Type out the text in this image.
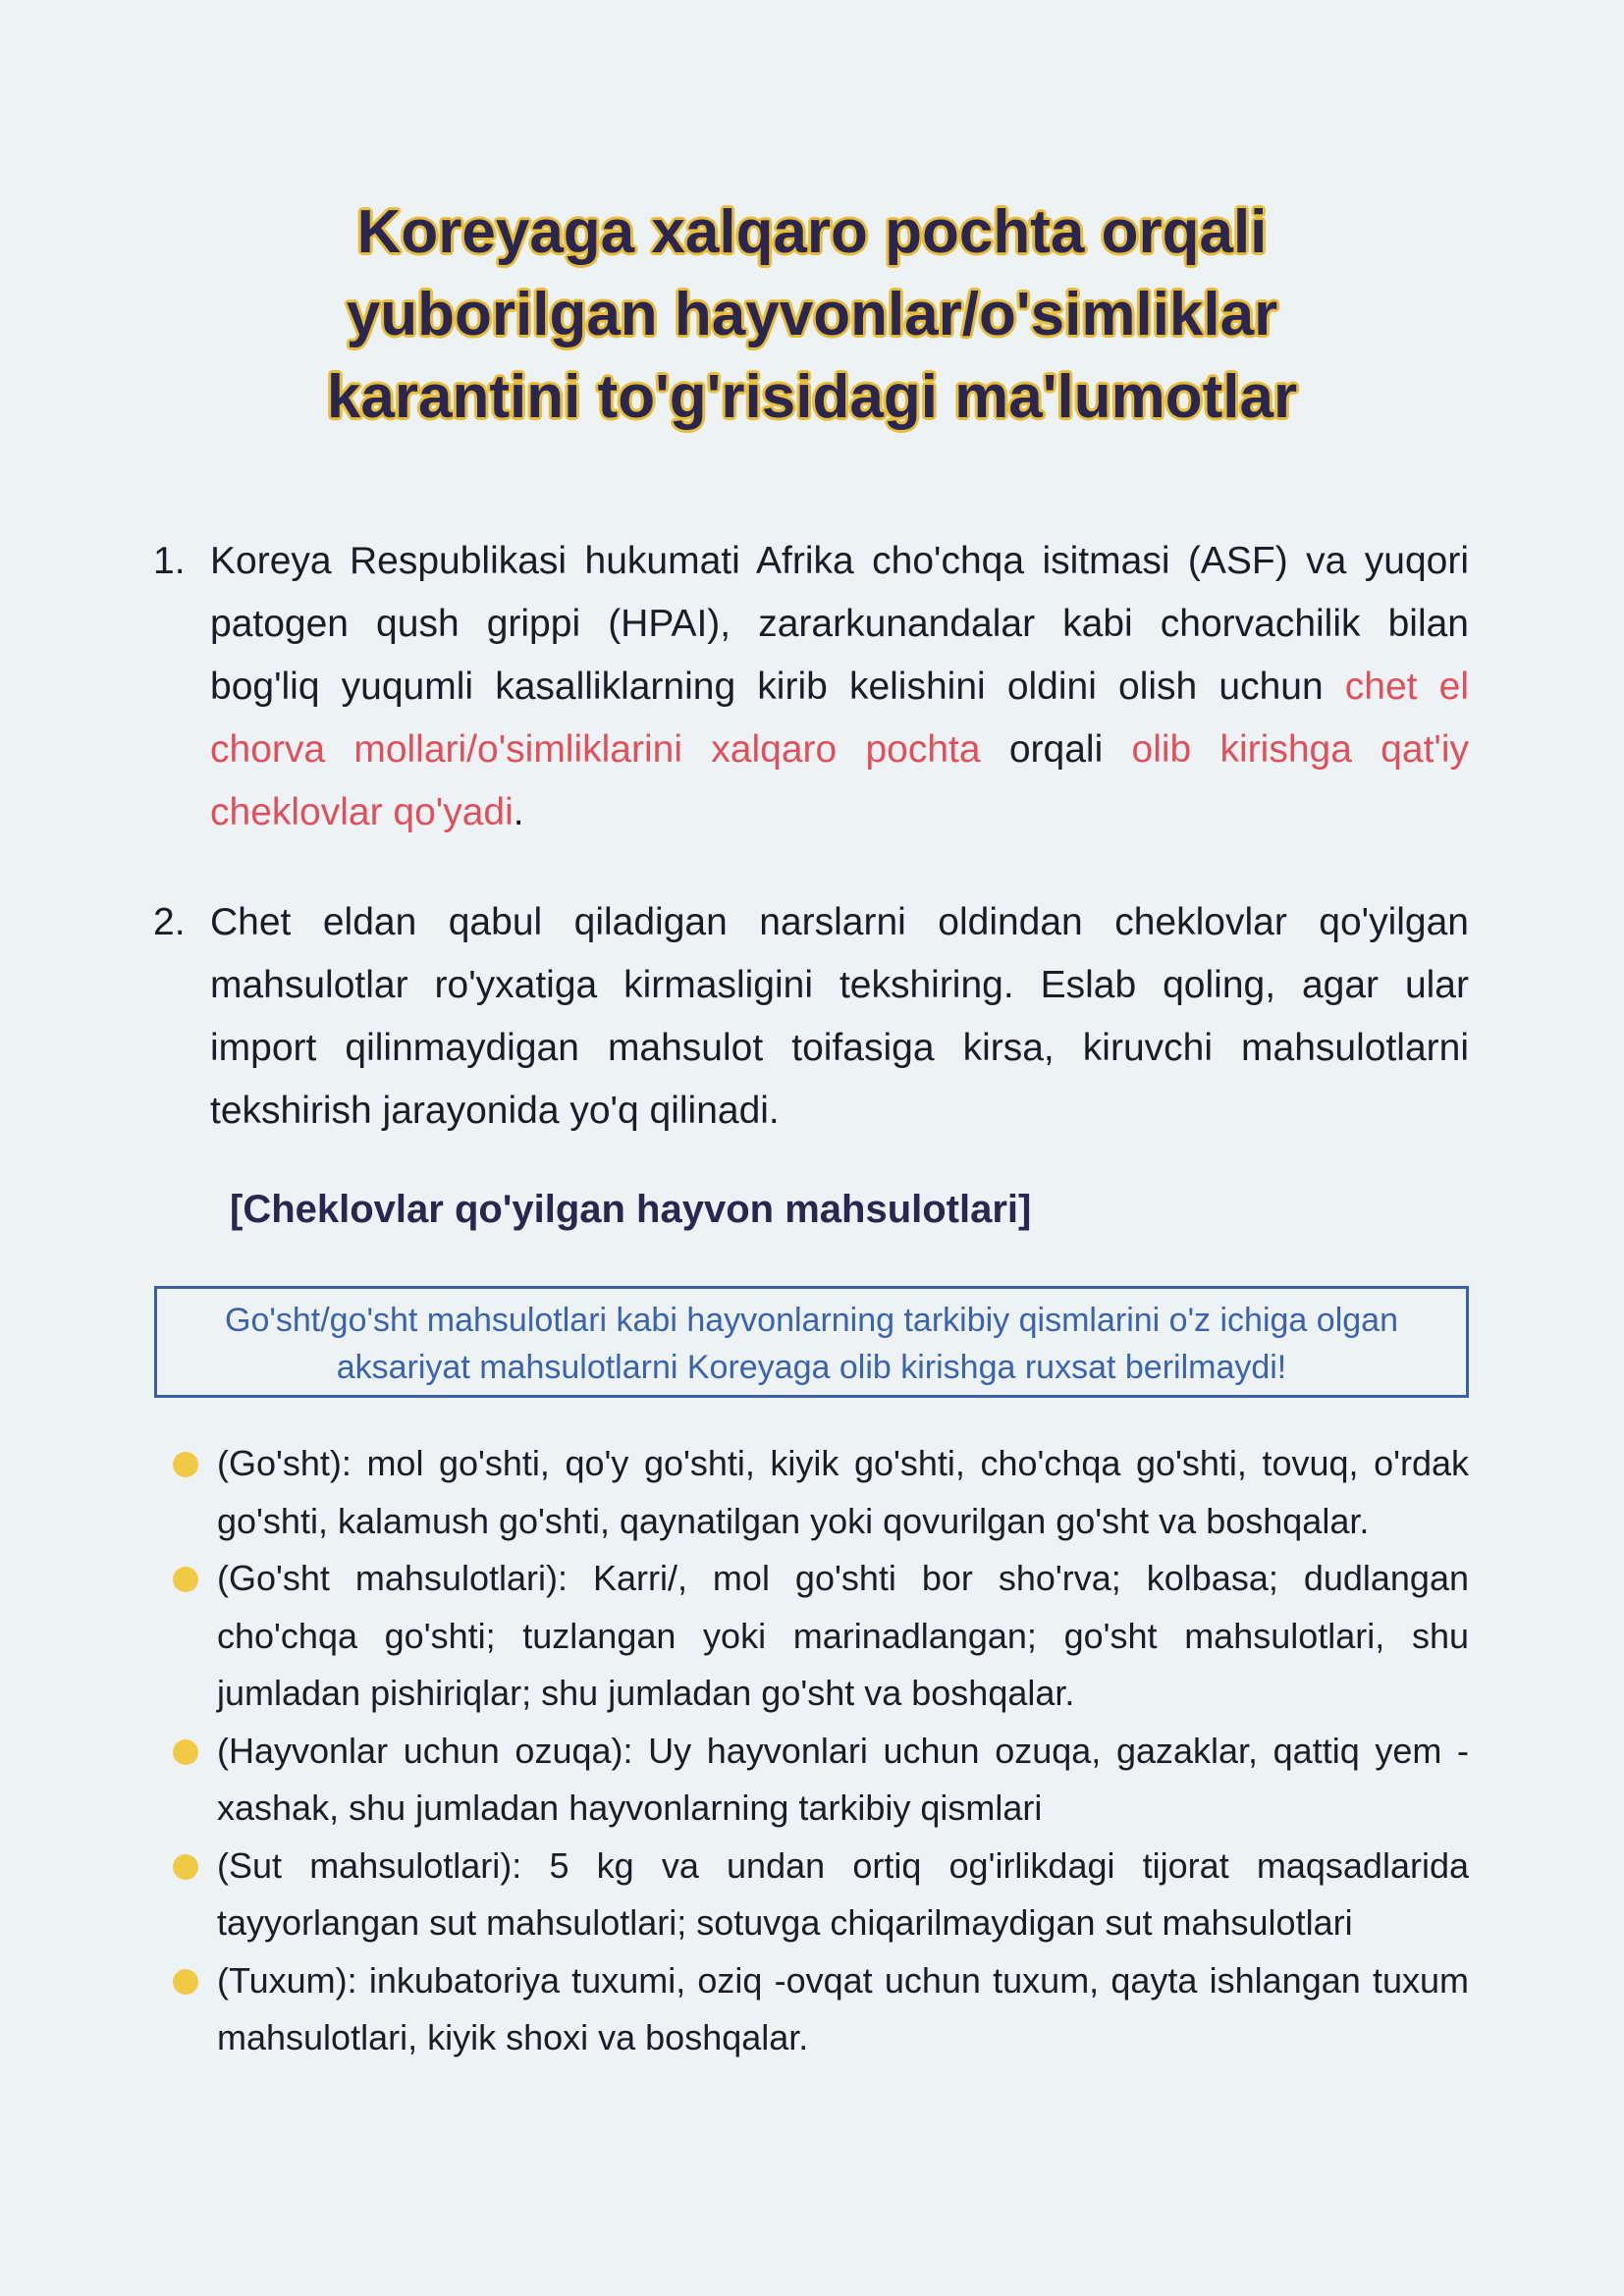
Koreyaga xalqaro pochta orqali
yuborilgan hayvonlar/o'simliklar
karantini to'g'risidagi ma'lumotlar
1. Koreya Respublikasi hukumati Afrika cho'chqa isitmasi (ASF) va yuqori patogen qush grippi (HPAI), zararkunandalar kabi chorvachilik bilan bog'liq yuqumli kasalliklarning kirib kelishini oldini olish uchun chet el chorva mollari/o'simliklarini xalqaro pochta orqali olib kirishga qat'iy cheklovlar qo'yadi.
2. Chet eldan qabul qiladigan narslarni oldindan cheklovlar qo'yilgan mahsulotlar ro'yxatiga kirmasligini tekshiring. Eslab qoling, agar ular import qilinmaydigan mahsulot toifasiga kirsa, kiruvchi mahsulotlarni tekshirish jarayonida yo'q qilinadi.
[Cheklovlar qo'yilgan hayvon mahsulotlari]
Go'sht/go'sht mahsulotlari kabi hayvonlarning tarkibiy qismlarini o'z ichiga olgan
aksariyat mahsulotlarni Koreyaga olib kirishga ruxsat berilmaydi!
(Go'sht): mol go'shti, qo'y go'shti, kiyik go'shti, cho'chqa go'shti, tovuq, o'rdak go'shti, kalamush go'shti, qaynatilgan yoki qovurilgan go'sht va boshqalar.
(Go'sht mahsulotlari): Karri/, mol go'shti bor sho'rva; kolbasa; dudlangan cho'chqa go'shti; tuzlangan yoki marinadlangan; go'sht mahsulotlari, shu jumladan pishiriqlar; shu jumladan go'sht va boshqalar.
(Hayvonlar uchun ozuqa): Uy hayvonlari uchun ozuqa, gazaklar, qattiq yem -xashak, shu jumladan hayvonlarning tarkibiy qismlari
(Sut mahsulotlari): 5 kg va undan ortiq og'irlikdagi tijorat maqsadlarida tayyorlangan sut mahsulotlari; sotuvga chiqarilmaydigan sut mahsulotlari
(Tuxum): inkubatoriya tuxumi, oziq -ovqat uchun tuxum, qayta ishlangan tuxum mahsulotlari, kiyik shoxi va boshqalar.
